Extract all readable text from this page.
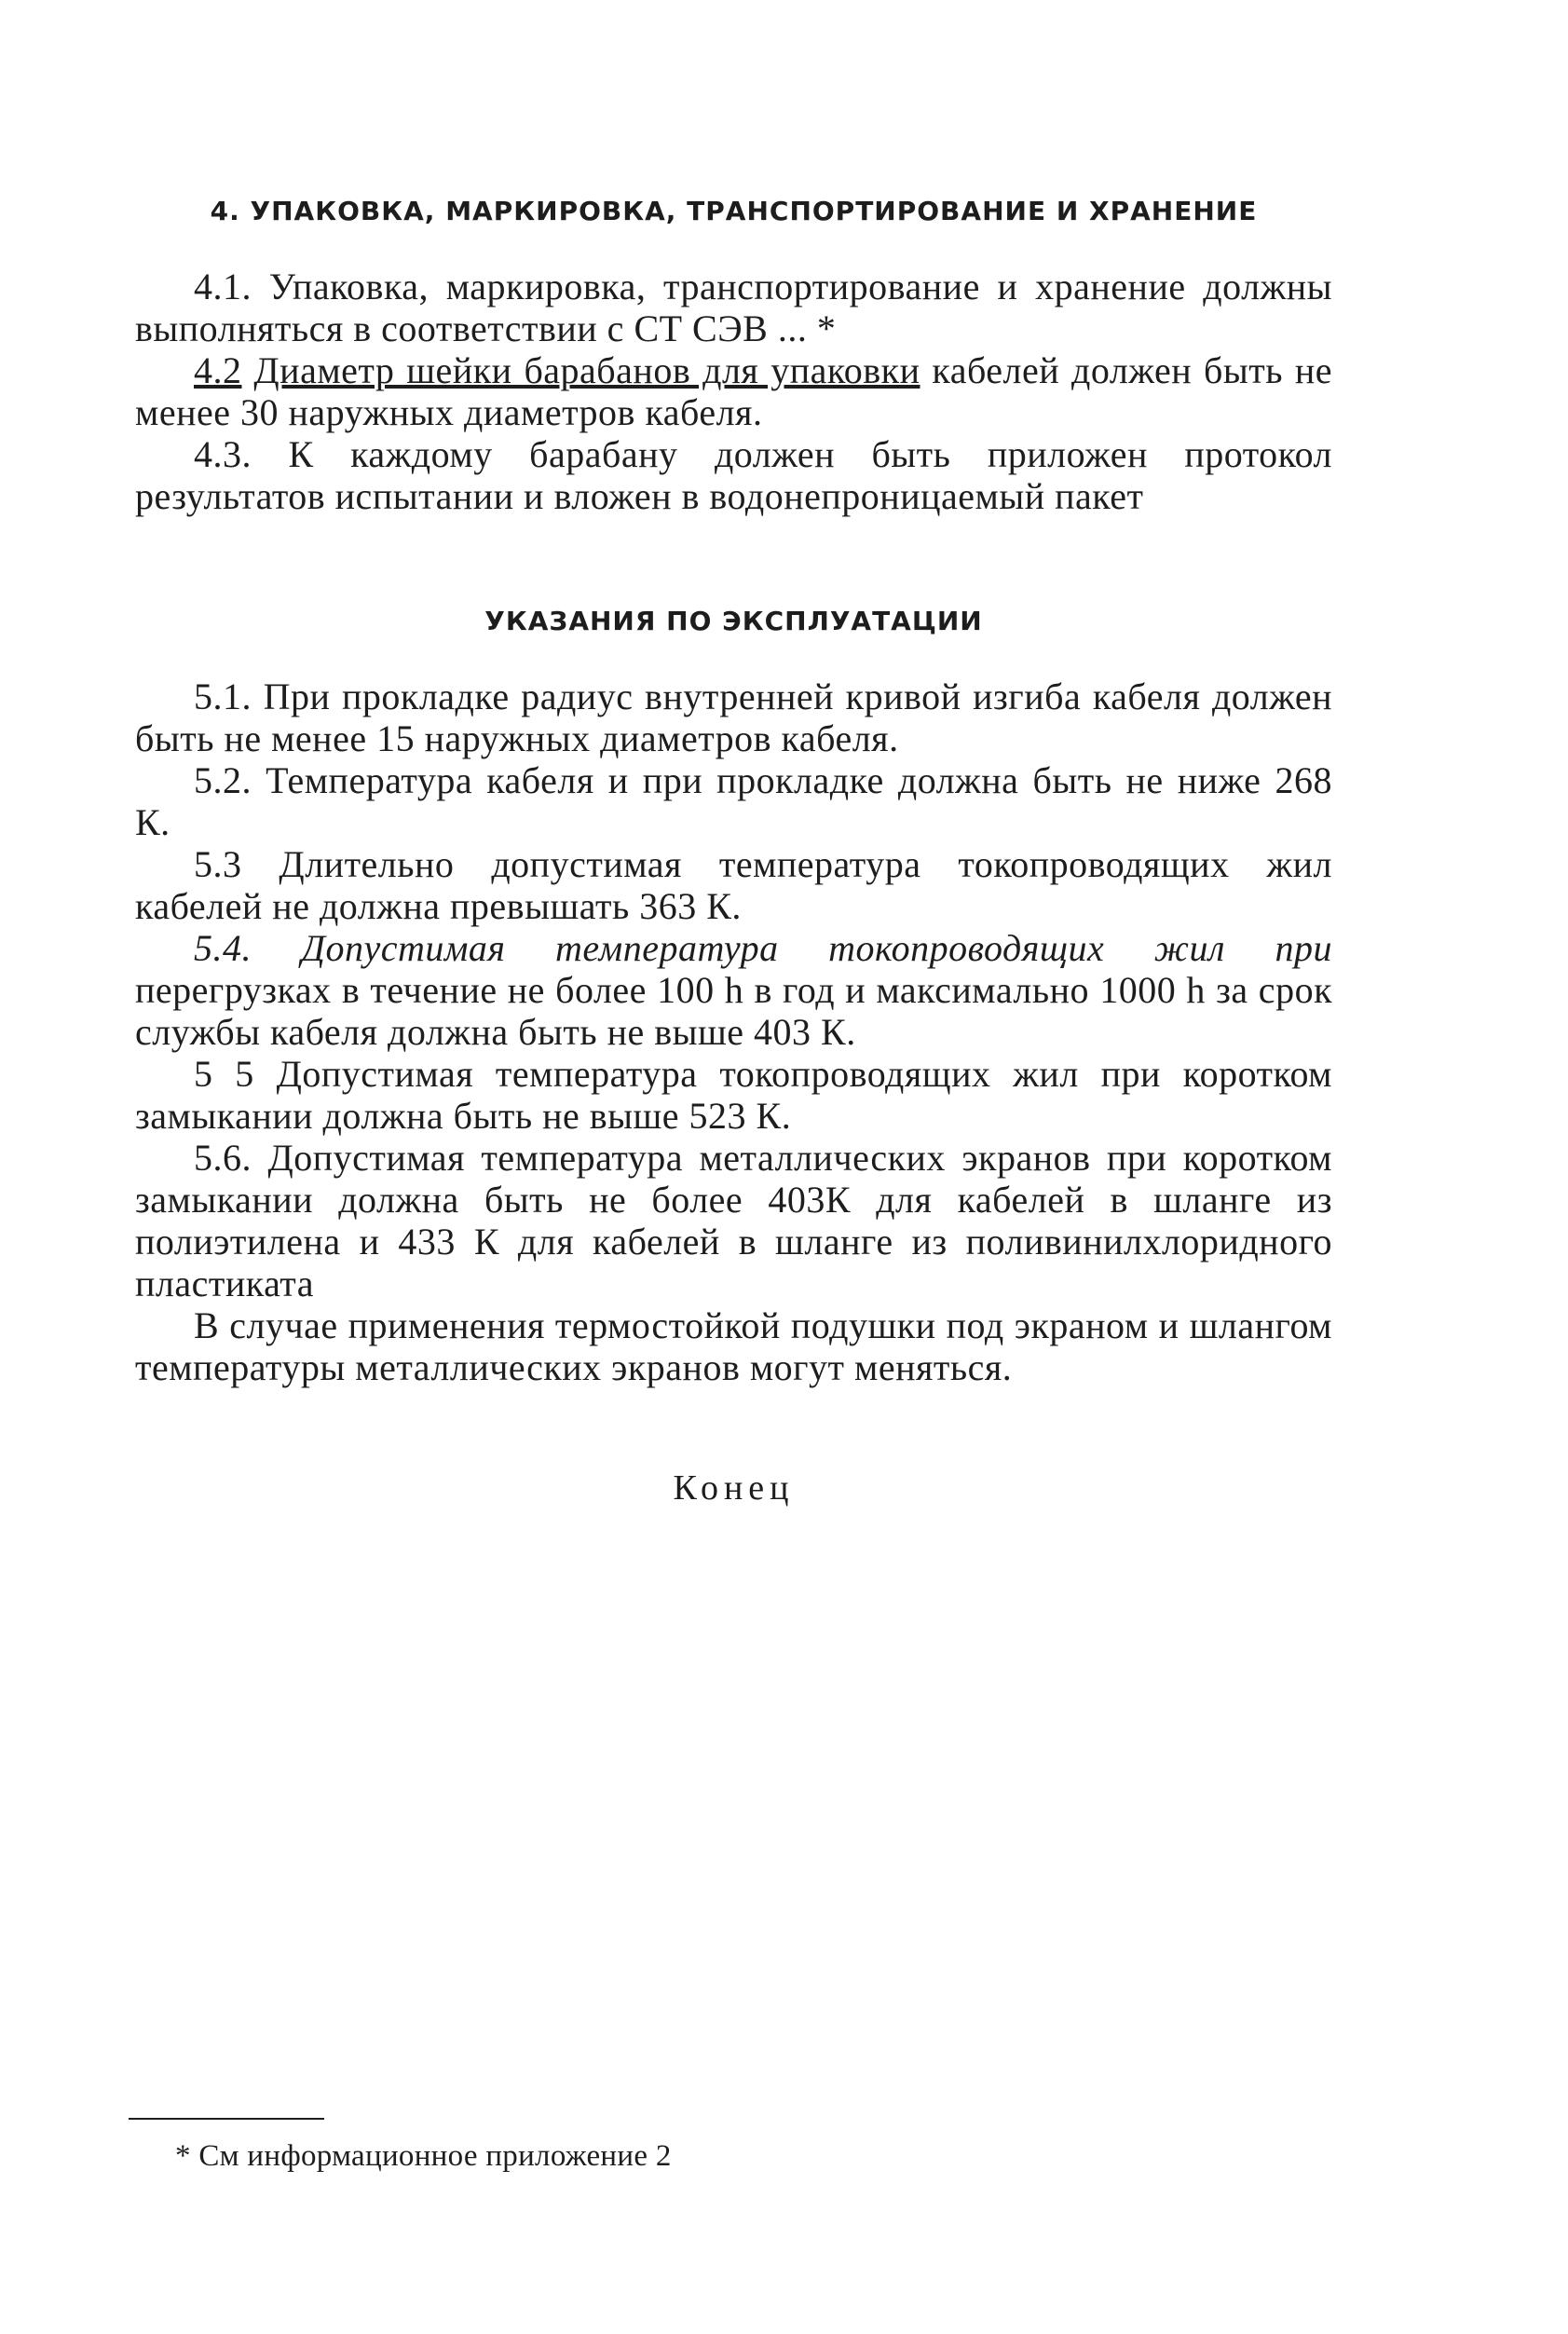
4. УПАКОВКА, МАРКИРОВКА, ТРАНСПОРТИРОВАНИЕ И ХРАНЕНИЕ
4.1. Упаковка, маркировка, транспортирование и хранение должны выполняться в соответствии с СТ СЭВ ... *
4.2 Диаметр шейки барабанов для упаковки кабелей должен быть не менее 30 наружных диаметров кабеля.
4.3. К каждому барабану должен быть приложен протокол результатов испытании и вложен в водонепроницаемый пакет
УКАЗАНИЯ ПО ЭКСПЛУАТАЦИИ
5.1. При прокладке радиус внутренней кривой изгиба кабеля должен быть не менее 15 наружных диаметров кабеля.
5.2. Температура кабеля и при прокладке должна быть не ниже 268 К.
5.3 Длительно допустимая температура токопроводящих жил кабелей не должна превышать 363 К.
5.4. Допустимая температура токопроводящих жил при перегрузках в течение не более 100 h в год и максимально 1000 h за срок службы кабеля должна быть не выше 403 К.
5 5 Допустимая температура токопроводящих жил при коротком замыкании должна быть не выше 523 К.
5.6. Допустимая температура металлических экранов при коротком замыкании должна быть не более 403К для кабелей в шланге из полиэтилена и 433 К для кабелей в шланге из поливинилхлоридного пластиката
В случае применения термостойкой подушки под экраном и шлангом температуры металлических экранов могут меняться.
Конец
* См информационное приложение 2
